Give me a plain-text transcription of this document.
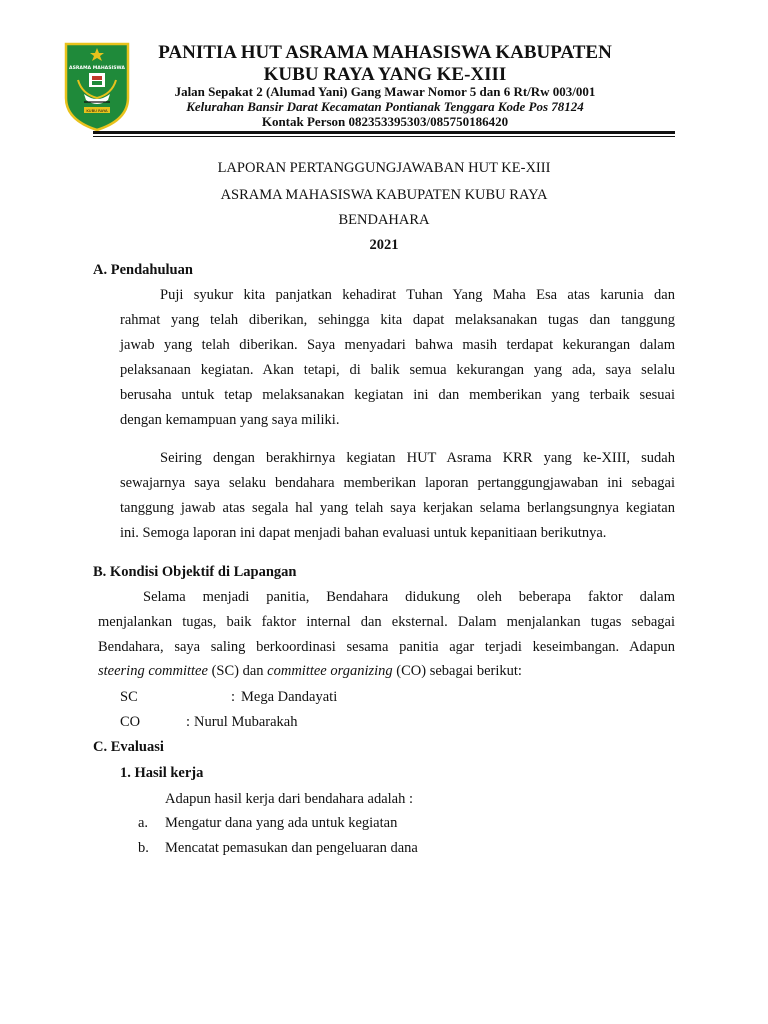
ASRAMA MAHASISWA
KUBU RAYA
PANITIA HUT ASRAMA MAHASISWA KABUPATEN
KUBU RAYA YANG KE-XIII
Jalan Sepakat 2 (Alumad Yani) Gang Mawar Nomor 5 dan 6 Rt/Rw 003/001
Kelurahan Bansir Darat Kecamatan Pontianak Tenggara Kode Pos 78124
Kontak Person 082353395303/085750186420
LAPORAN PERTANGGUNGJAWABAN HUT KE-XIII
ASRAMA MAHASISWA KABUPATEN KUBU RAYA
BENDAHARA
2021
A. Pendahuluan
Puji syukur kita panjatkan kehadirat Tuhan Yang Maha Esa atas karunia dan
rahmat yang telah diberikan, sehingga kita dapat melaksanakan tugas dan tanggung
jawab yang telah diberikan. Saya menyadari bahwa masih terdapat kekurangan dalam
pelaksanaan kegiatan. Akan tetapi, di balik semua kekurangan yang ada, saya selalu
berusaha untuk tetap melaksanakan kegiatan ini dan memberikan yang terbaik sesuai
dengan kemampuan yang saya miliki.
Seiring dengan berakhirnya kegiatan HUT Asrama KRR yang ke-XIII, sudah
sewajarnya saya selaku bendahara memberikan laporan pertanggungjawaban ini sebagai
tanggung jawab atas segala hal yang telah saya kerjakan selama berlangsungnya kegiatan
ini. Semoga laporan ini dapat menjadi bahan evaluasi untuk kepanitiaan berikutnya.
B. Kondisi Objektif di Lapangan
Selama menjadi panitia, Bendahara didukung oleh beberapa faktor dalam
menjalankan tugas, baik faktor internal dan eksternal. Dalam menjalankan tugas sebagai
Bendahara, saya saling berkoordinasi sesama panitia agar terjadi keseimbangan. Adapun
steering committee (SC) dan committee organizing (CO) sebagai berikut:
SC	: Mega Dandayati
CO	: Nurul Mubarakah
C. Evaluasi
1. Hasil kerja
Adapun hasil kerja dari bendahara adalah :
a. Mengatur dana yang ada untuk kegiatan
b. Mencatat pemasukan dan pengeluaran dana
